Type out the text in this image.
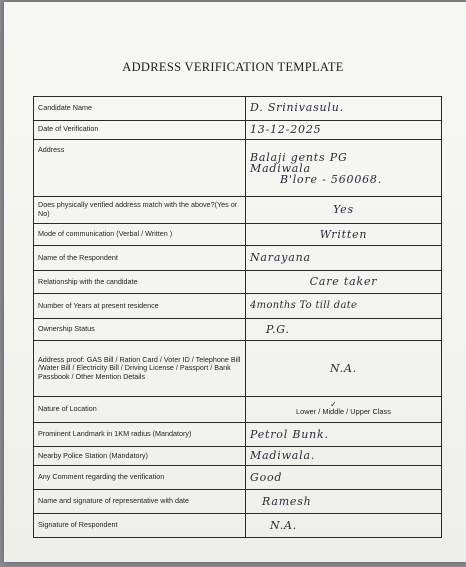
ADDRESS VERIFICATION TEMPLATE
Candidate Name	D. Srinivasulu.
Date of Verification	13-12-2025
Address	Balaji gents PG
Madiwala
B'lore - 560068.

Does physically verified address match with the above?(Yes or No)	Yes
Mode of communication (Verbal / Written )	Written
Name of the Respondent	Narayana
Relationship with the candidate	Care taker
Number of Years at present residence	4months To till date
Ownership Status	P.G.
Address proof: GAS Bill / Ration Card / Voter ID / Telephone Bill /Water Bill / Electricity Bill / Driving License / Passport / Bank Passbook / Other Mention Details	N.A.
Nature of Location	✓
Lower / Middle / Upper Class
Prominent Landmark in 1KM radius (Mandatory)	Petrol Bunk.
Nearby Police Station (Mandatory)	Madiwala.
Any Comment regarding the verification	Good
Name and signature of representative with date	Ramesh
Signature of Respondent	N.A.
